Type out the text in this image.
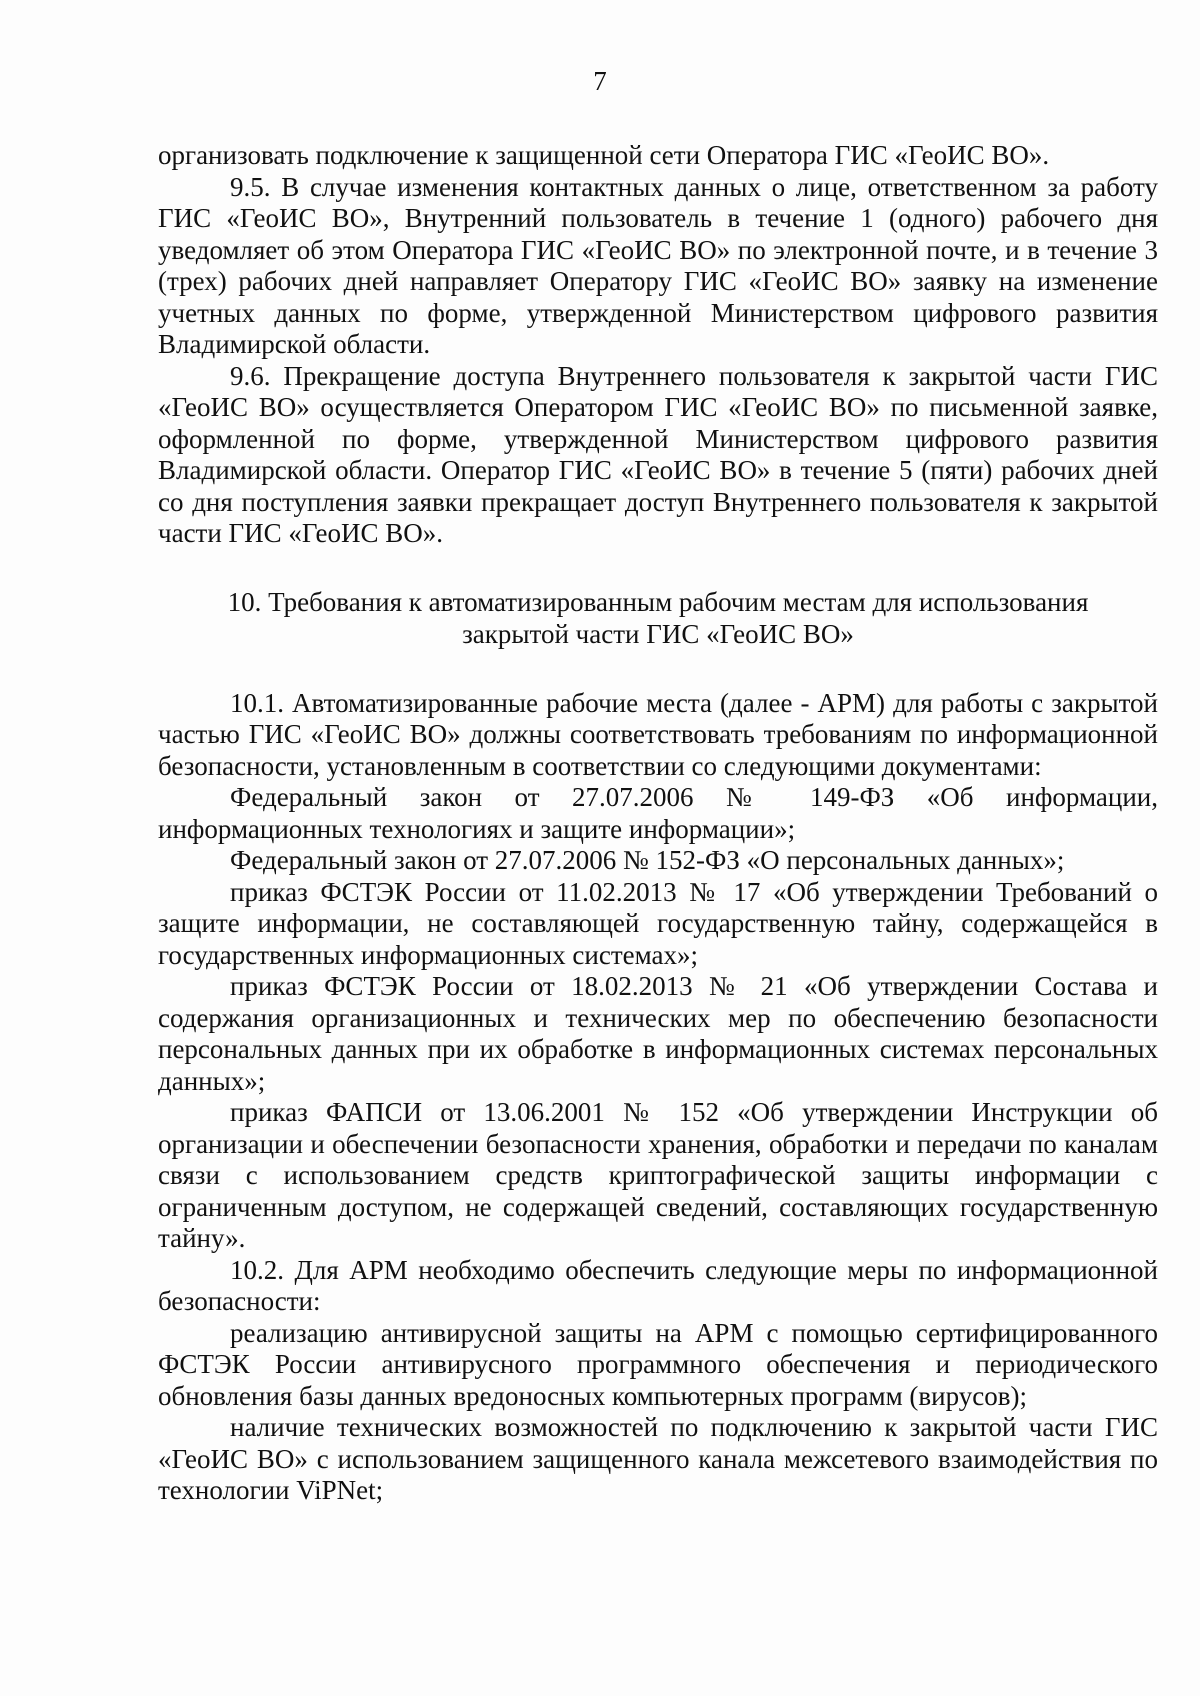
7

организовать подключение к защищенной сети Оператора ГИС «ГеоИС ВО».

9.5. В случае изменения контактных данных о лице, ответственном за работу ГИС «ГеоИС ВО», Внутренний пользователь в течение 1 (одного) рабочего дня уведомляет об этом Оператора ГИС «ГеоИС ВО» по электронной почте, и в течение 3 (трех) рабочих дней направляет Оператору ГИС «ГеоИС ВО» заявку на изменение учетных данных по форме, утвержденной Министерством цифрового развития Владимирской области.

9.6. Прекращение доступа Внутреннего пользователя к закрытой части ГИС «ГеоИС ВО» осуществляется Оператором ГИС «ГеоИС ВО» по письменной заявке, оформленной по форме, утвержденной Министерством цифрового развития Владимирской области. Оператор ГИС «ГеоИС ВО» в течение 5 (пяти) рабочих дней со дня поступления заявки прекращает доступ Внутреннего пользователя к закрытой части ГИС «ГеоИС ВО».

10. Требования к автоматизированным рабочим местам для использования
закрытой части ГИС «ГеоИС ВО»

10.1. Автоматизированные рабочие места (далее - АРМ) для работы с закрытой частью ГИС «ГеоИС ВО» должны соответствовать требованиям по информационной безопасности, установленным в соответствии со следующими документами:

Федеральный закон от 27.07.2006 № 149-ФЗ «Об информации, информационных технологиях и защите информации»;

Федеральный закон от 27.07.2006 № 152-ФЗ «О персональных данных»;

приказ ФСТЭК России от 11.02.2013 № 17 «Об утверждении Требований о защите информации, не составляющей государственную тайну, содержащейся в государственных информационных системах»;

приказ ФСТЭК России от 18.02.2013 № 21 «Об утверждении Состава и содержания организационных и технических мер по обеспечению безопасности персональных данных при их обработке в информационных системах персональных данных»;

приказ ФАПСИ от 13.06.2001 № 152 «Об утверждении Инструкции об организации и обеспечении безопасности хранения, обработки и передачи по каналам связи с использованием средств криптографической защиты информации с ограниченным доступом, не содержащей сведений, составляющих государственную тайну».

10.2. Для АРМ необходимо обеспечить следующие меры по информационной безопасности:

реализацию антивирусной защиты на АРМ с помощью сертифицированного ФСТЭК России антивирусного программного обеспечения и периодического обновления базы данных вредоносных компьютерных программ (вирусов);

наличие технических возможностей по подключению к закрытой части ГИС «ГеоИС ВО» с использованием защищенного канала межсетевого взаимодействия по технологии ViPNet;
